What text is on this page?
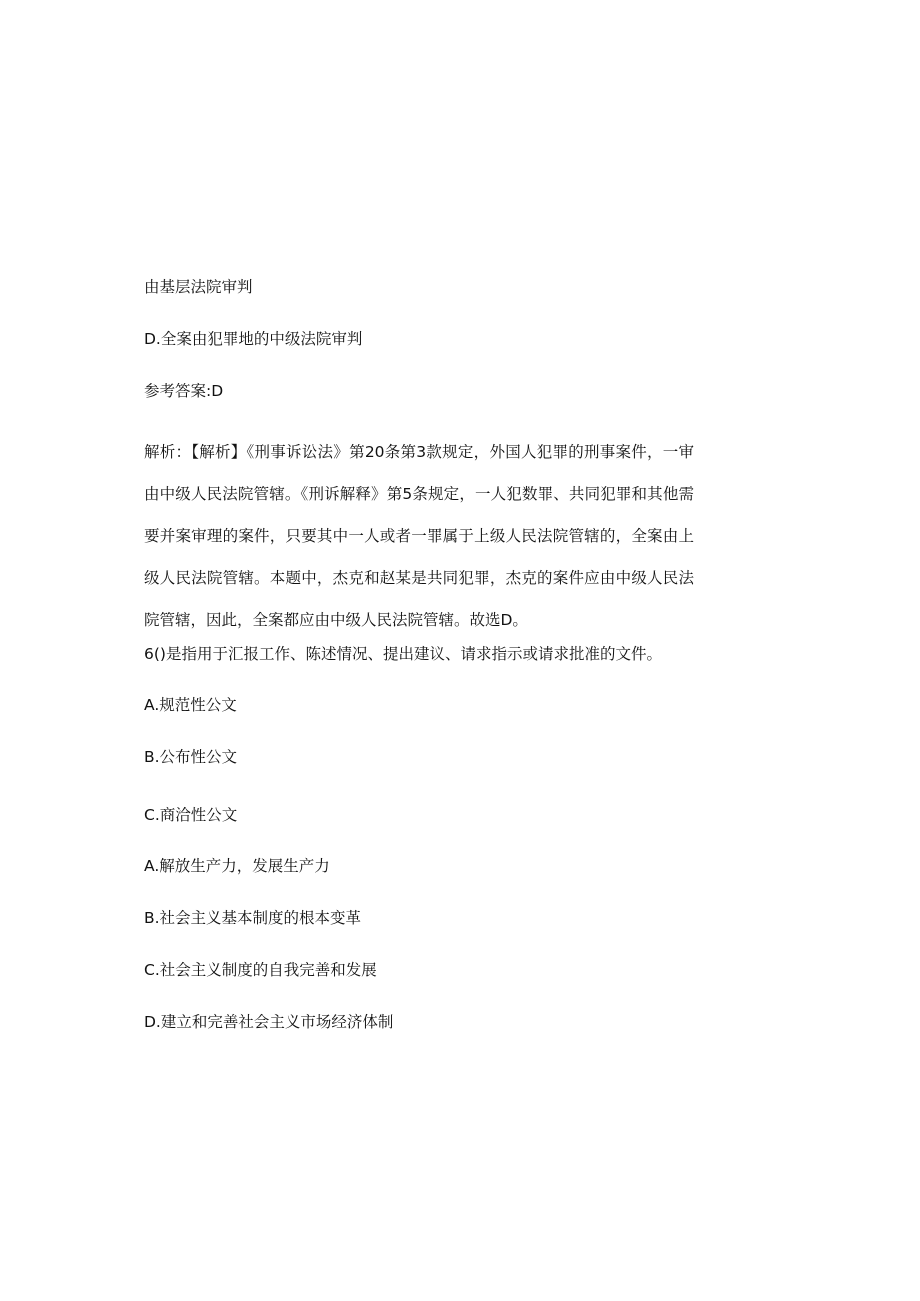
由基层法院审判
D.全案由犯罪地的中级法院审判
参考答案:D
解析：【解析】《刑事诉讼法》第20条第3款规定，外国人犯罪的刑事案件，一审由中级人民法院管辖。《刑诉解释》第5条规定，一人犯数罪、共同犯罪和其他需要并案审理的案件，只要其中一人或者一罪属于上级人民法院管辖的，全案由上级人民法院管辖。本题中，杰克和赵某是共同犯罪，杰克的案件应由中级人民法院管辖，因此，全案都应由中级人民法院管辖。故选D。
6()是指用于汇报工作、陈述情况、提出建议、请求指示或请求批准的文件。
A.规范性公文
B.公布性公文
C.商洽性公文
A.解放生产力，发展生产力
B.社会主义基本制度的根本变革
C.社会主义制度的自我完善和发展
D.建立和完善社会主义市场经济体制
